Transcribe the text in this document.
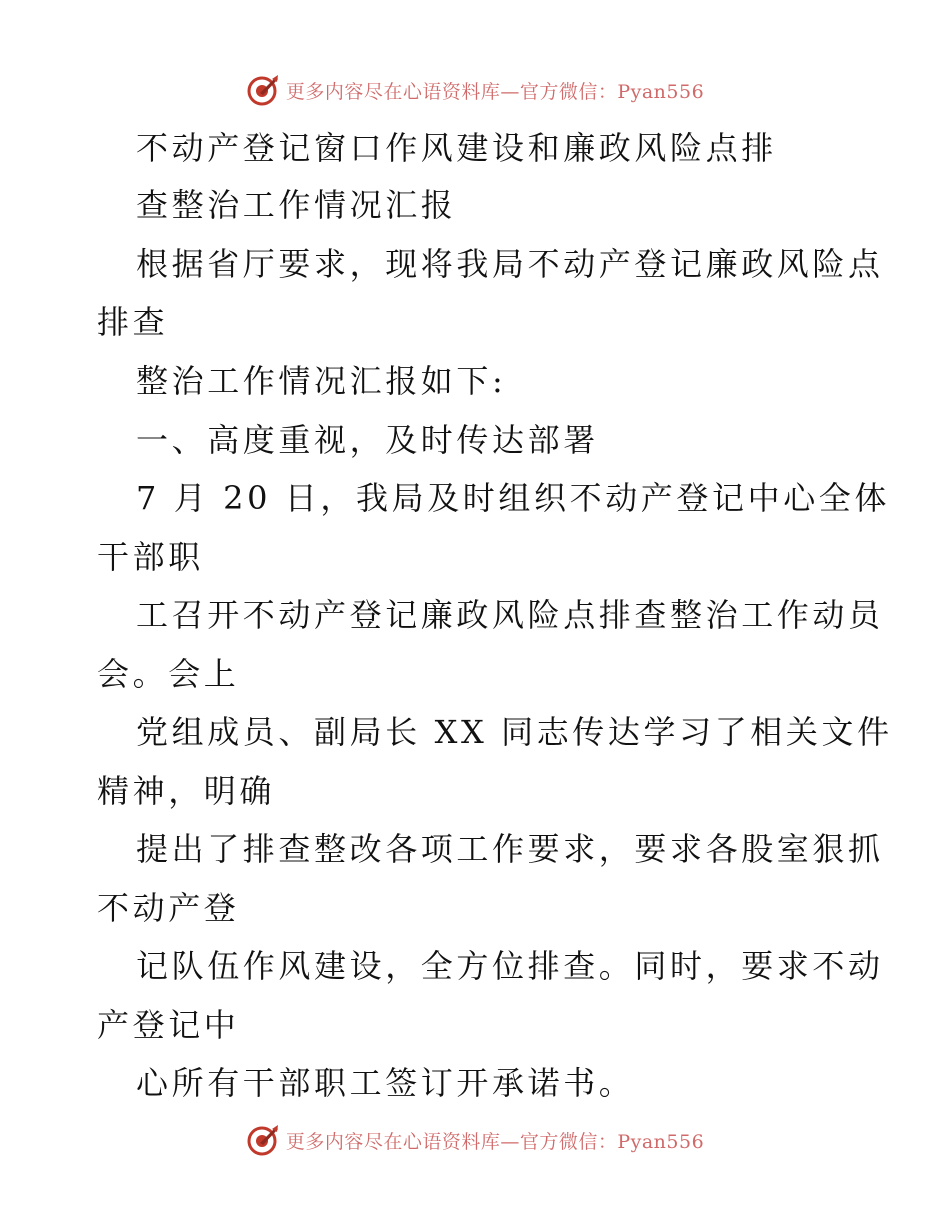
更多内容尽在心语资料库—官方微信：Pyan556
不动产登记窗口作风建设和廉政风险点排
查整治工作情况汇报
根据省厅要求，现将我局不动产登记廉政风险点
排查
整治工作情况汇报如下:
一、高度重视，及时传达部署
7 月 20 日，我局及时组织不动产登记中心全体
干部职
工召开不动产登记廉政风险点排查整治工作动员
会。会上
党组成员、副局长 XX 同志传达学习了相关文件
精神，明确
提出了排查整改各项工作要求，要求各股室狠抓
不动产登
记队伍作风建设，全方位排查。同时，要求不动
产登记中
心所有干部职工签订开承诺书。
更多内容尽在心语资料库—官方微信：Pyan556
